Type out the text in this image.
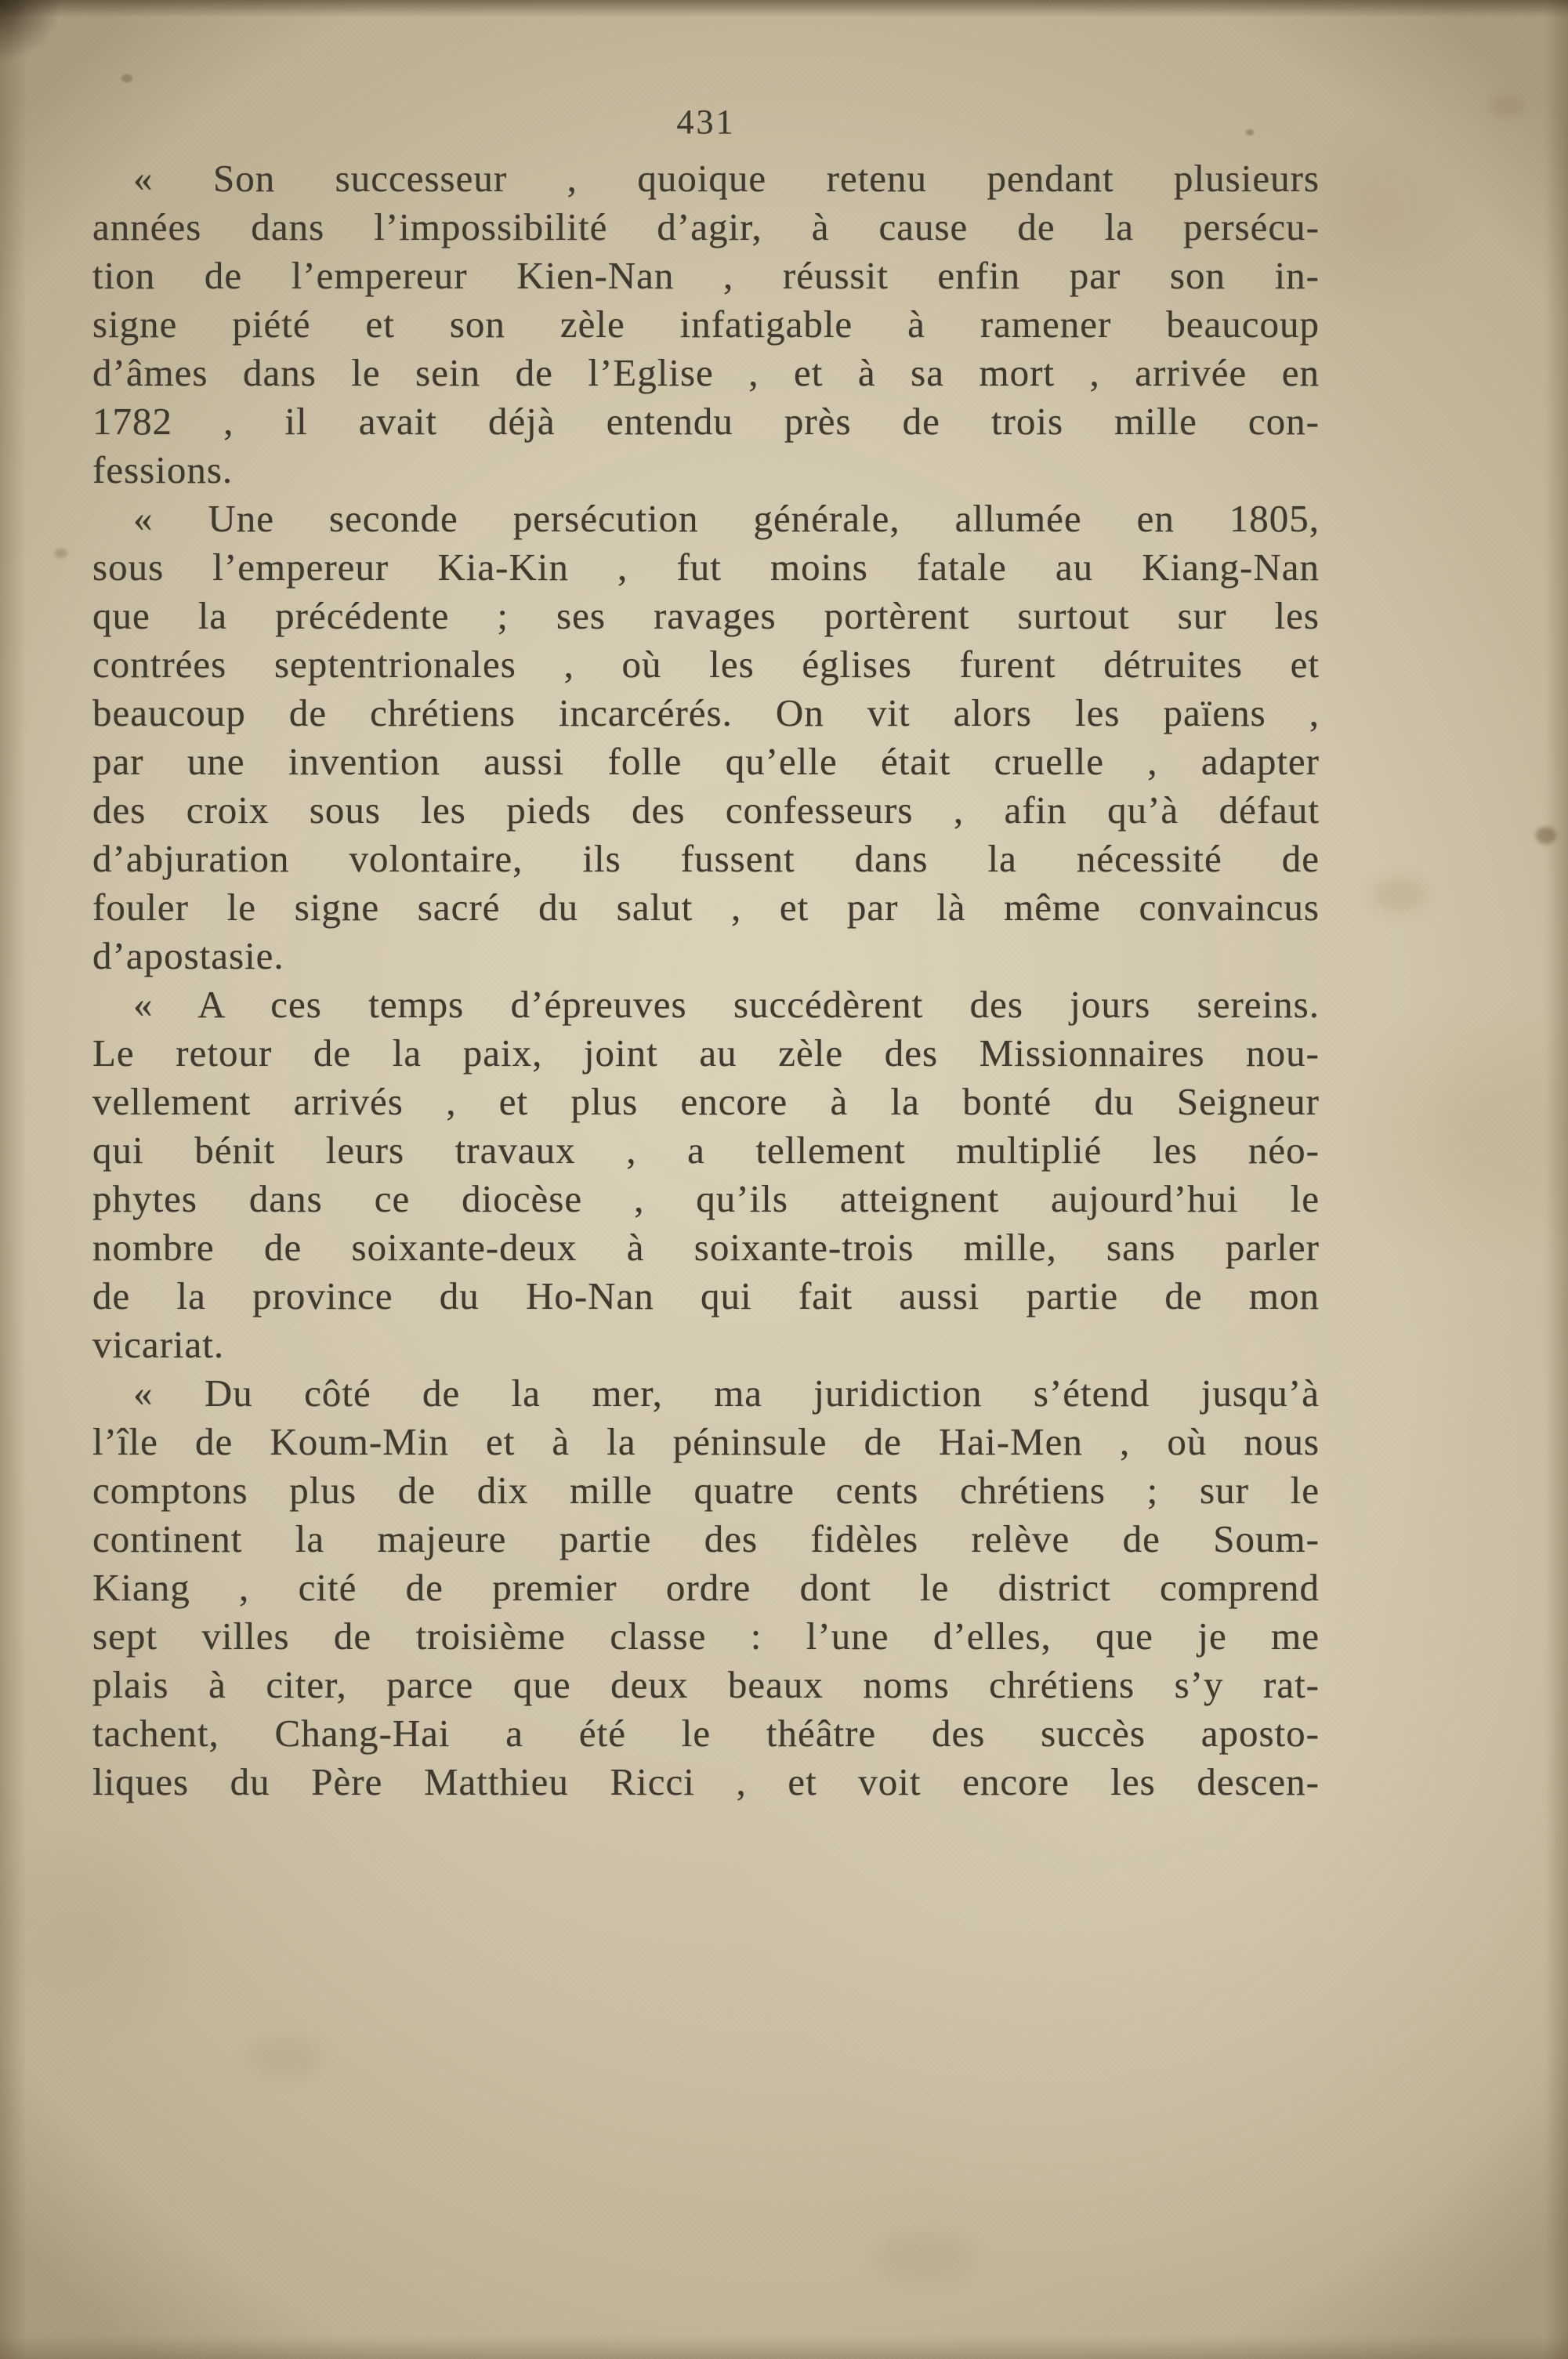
431
« Son successeur , quoique retenu pendant plusieurs
années dans l’impossibilité d’agir, à cause de la persécu-
tion de l’empereur Kien-Nan , réussit enfin par son in-
signe piété et son zèle infatigable à ramener beaucoup
d’âmes dans le sein de l’Eglise , et à sa mort , arrivée en
1782 , il avait déjà entendu près de trois mille con-
fessions.
« Une seconde persécution générale, allumée en 1805,
sous l’empereur Kia-Kin , fut moins fatale au Kiang-Nan
que la précédente ; ses ravages portèrent surtout sur les
contrées septentrionales , où les églises furent détruites et
beaucoup de chrétiens incarcérés. On vit alors les païens ,
par une invention aussi folle qu’elle était cruelle , adapter
des croix sous les pieds des confesseurs , afin qu’à défaut
d’abjuration volontaire, ils fussent dans la nécessité de
fouler le signe sacré du salut , et par là même convaincus
d’apostasie.
« A ces temps d’épreuves succédèrent des jours sereins.
Le retour de la paix, joint au zèle des Missionnaires nou-
vellement arrivés , et plus encore à la bonté du Seigneur
qui bénit leurs travaux , a tellement multiplié les néo-
phytes dans ce diocèse , qu’ils atteignent aujourd’hui le
nombre de soixante-deux à soixante-trois mille, sans parler
de la province du Ho-Nan qui fait aussi partie de mon
vicariat.
« Du côté de la mer, ma juridiction s’étend jusqu’à
l’île de Koum-Min et à la péninsule de Hai-Men , où nous
comptons plus de dix mille quatre cents chrétiens ; sur le
continent la majeure partie des fidèles relève de Soum-
Kiang , cité de premier ordre dont le district comprend
sept villes de troisième classe : l’une d’elles, que je me
plais à citer, parce que deux beaux noms chrétiens s’y rat-
tachent, Chang-Hai a été le théâtre des succès aposto-
liques du Père Matthieu Ricci , et voit encore les descen-
